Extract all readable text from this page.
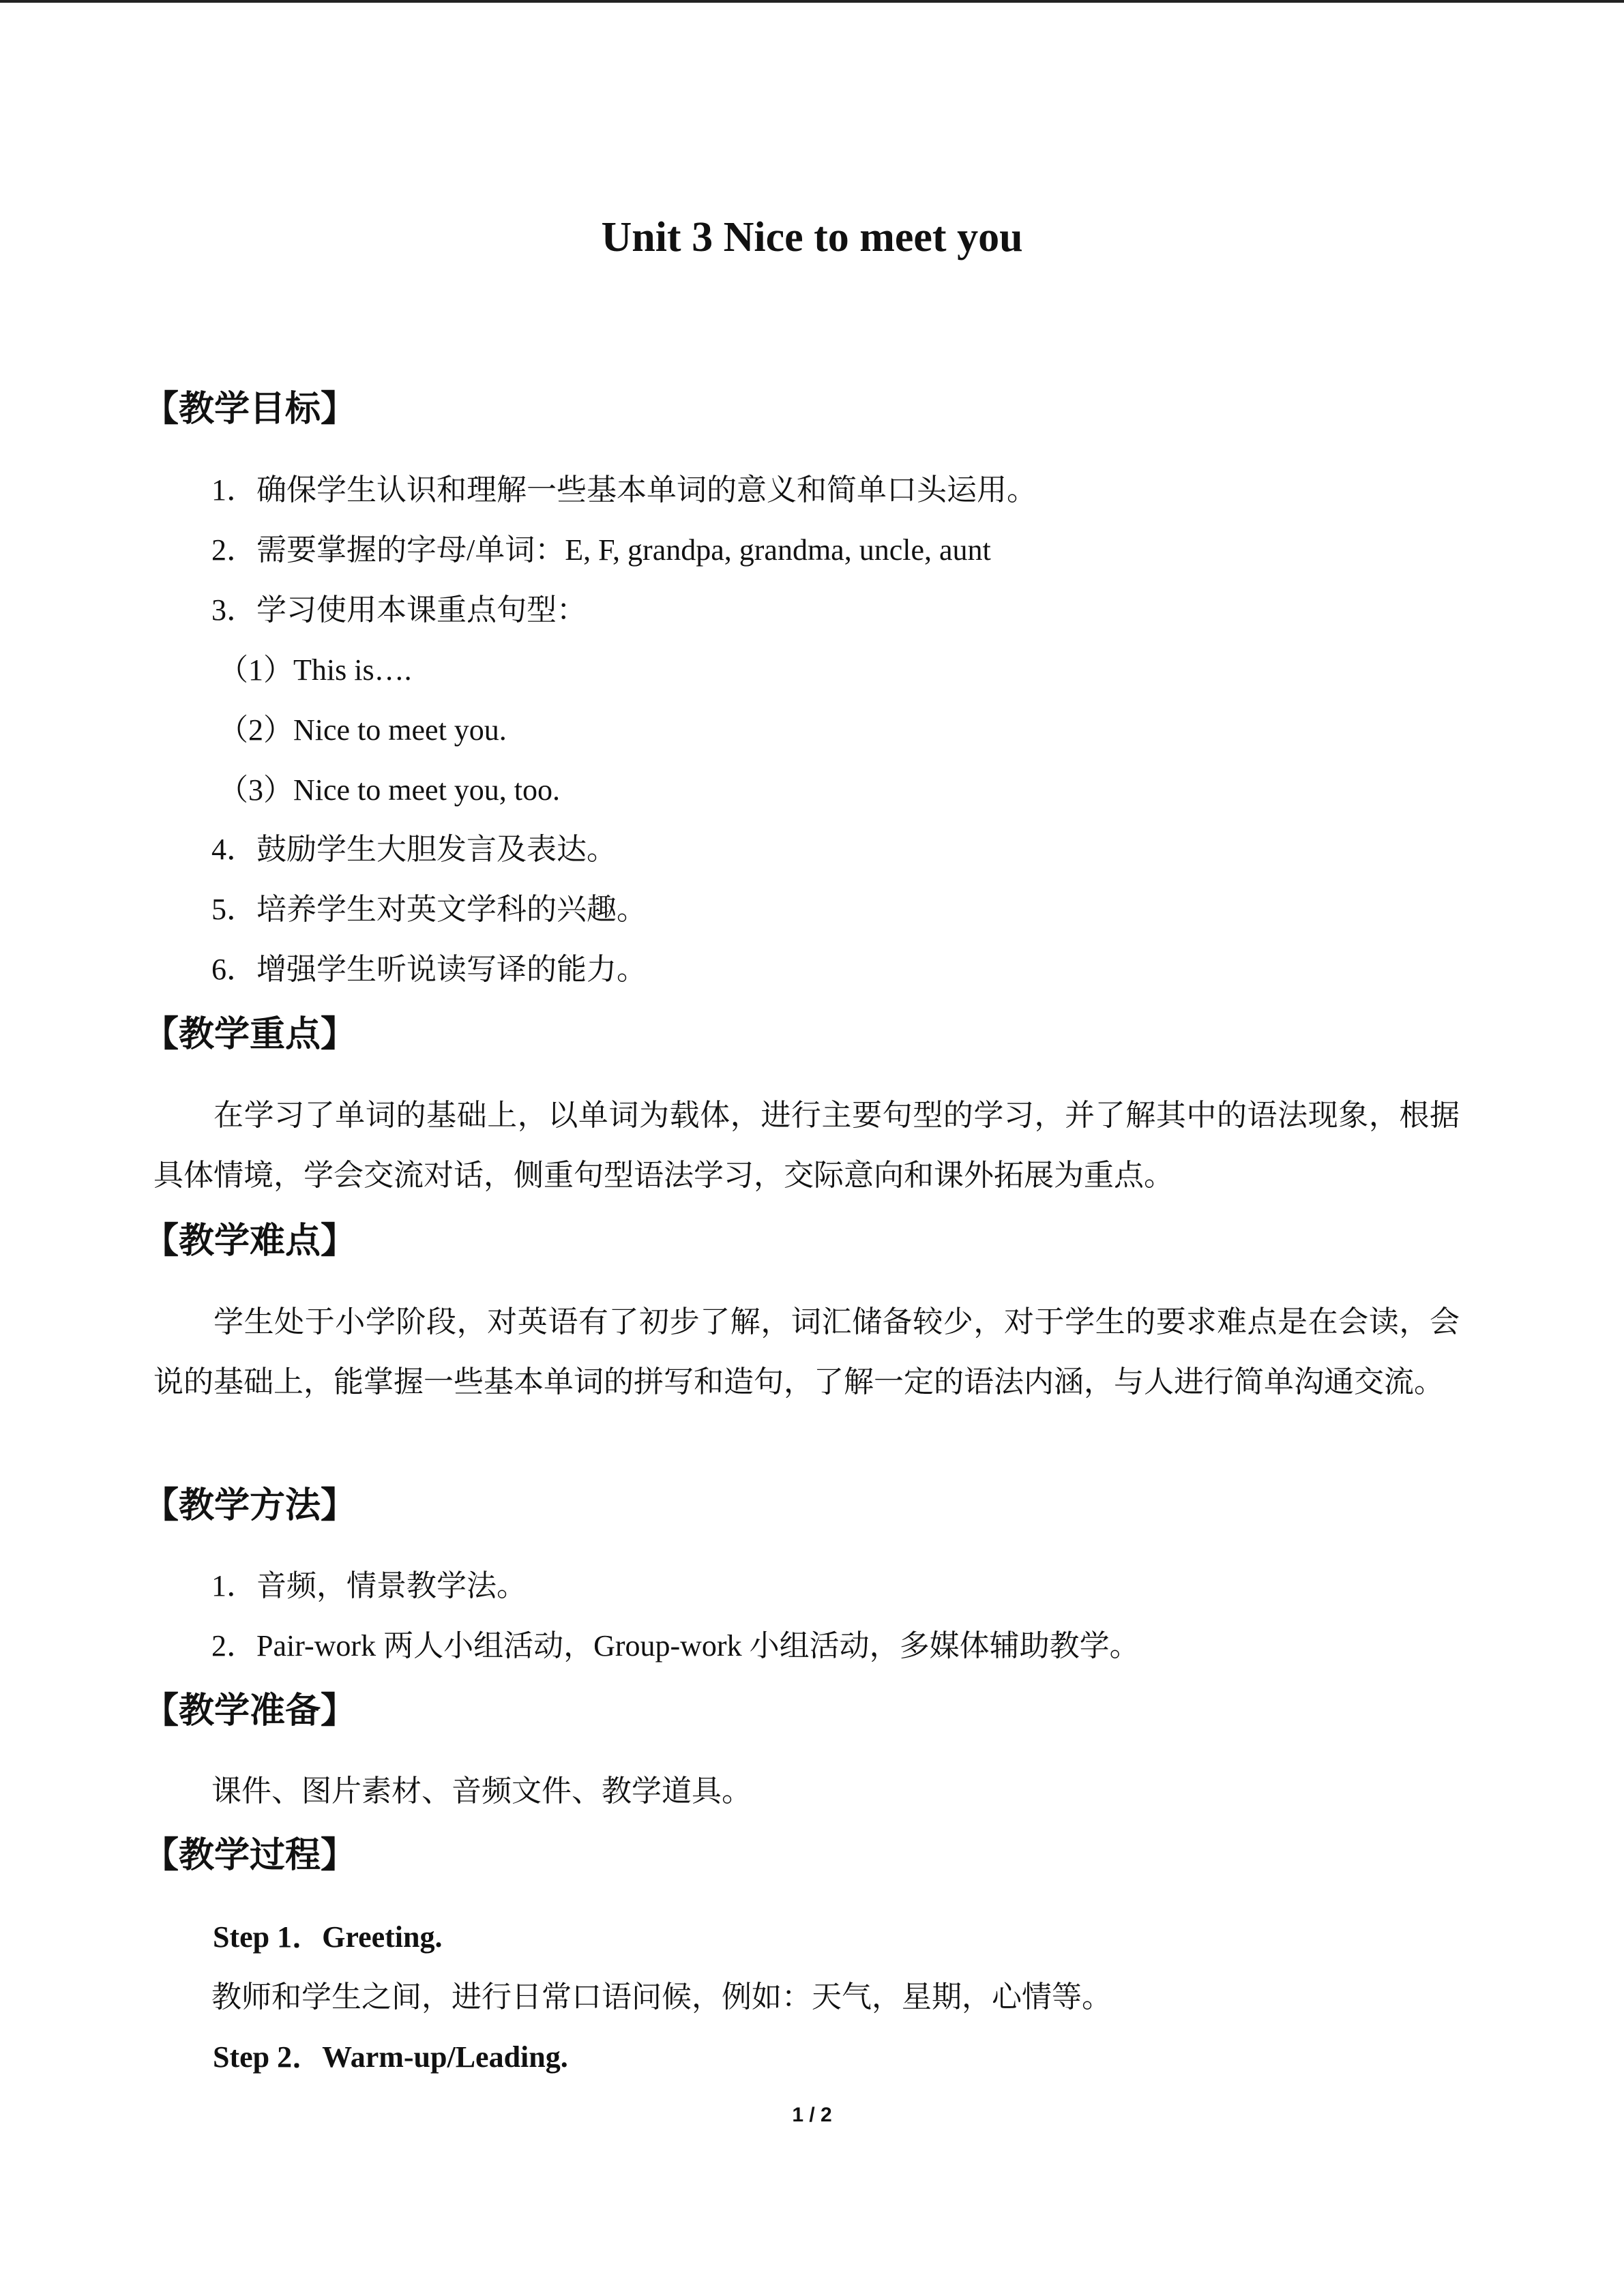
Unit 3 Nice to meet you
【教学目标】
1．确保学生认识和理解一些基本单词的意义和简单口头运用。
2．需要掌握的字母/单词：E, F, grandpa, grandma, uncle, aunt
3．学习使用本课重点句型：
（1）This is….
（2）Nice to meet you.
（3）Nice to meet you, too.
4．鼓励学生大胆发言及表达。
5．培养学生对英文学科的兴趣。
6．增强学生听说读写译的能力。
【教学重点】
在学习了单词的基础上，以单词为载体，进行主要句型的学习，并了解其中的语法现象，根据具体情境，学会交流对话，侧重句型语法学习，交际意向和课外拓展为重点。
【教学难点】
学生处于小学阶段，对英语有了初步了解，词汇储备较少，对于学生的要求难点是在会读，会说的基础上，能掌握一些基本单词的拼写和造句，了解一定的语法内涵，与人进行简单沟通交流。
【教学方法】
1．音频，情景教学法。
2．Pair-work 两人小组活动，Group-work 小组活动，多媒体辅助教学。
【教学准备】
课件、图片素材、音频文件、教学道具。
【教学过程】
Step 1．Greeting.
教师和学生之间，进行日常口语问候，例如：天气，星期，心情等。
Step 2．Warm-up/Leading.
1 / 2
